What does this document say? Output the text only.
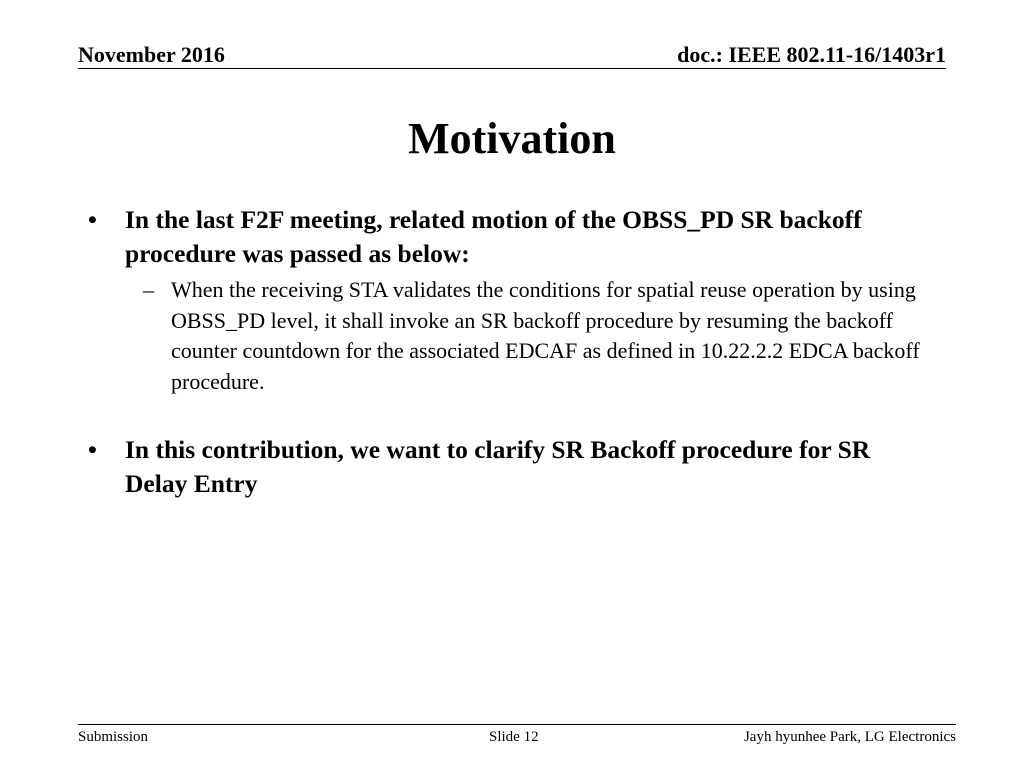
November 2016	doc.: IEEE 802.11-16/1403r1
Motivation
• In the last F2F meeting, related motion of the OBSS_PD SR backoff procedure was passed as below:
– When the receiving STA validates the conditions for spatial reuse operation by using OBSS_PD level, it shall invoke an SR backoff procedure by resuming the backoff counter countdown for the associated EDCAF as defined in 10.22.2.2 EDCA backoff procedure.
• In this contribution, we want to clarify SR Backoff procedure for SR Delay Entry
Submission	Slide 12	Jayh hyunhee Park, LG Electronics
